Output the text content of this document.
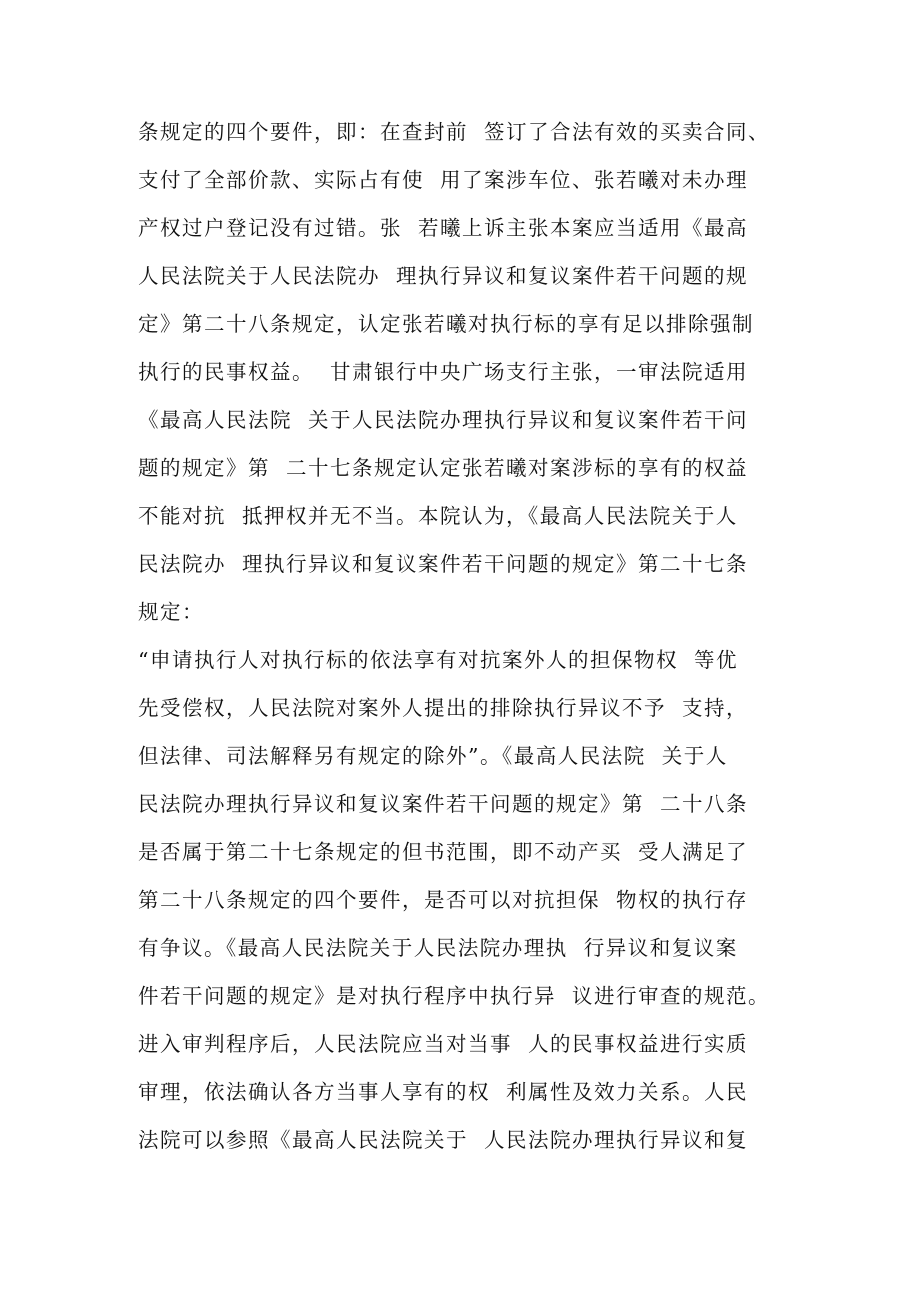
条规定的四个要件，即：在查封前  签订了合法有效的买卖合同、
支付了全部价款、实际占有使  用了案涉车位、张若曦对未办理
产权过户登记没有过错。张  若曦上诉主张本案应当适用《最高
人民法院关于人民法院办  理执行异议和复议案件若干问题的规
定》第二十八条规定，认定张若曦对执行标的享有足以排除强制
执行的民事权益。  甘肃银行中央广场支行主张，一审法院适用
《最高人民法院  关于人民法院办理执行异议和复议案件若干问
题的规定》第  二十七条规定认定张若曦对案涉标的享有的权益
不能对抗  抵押权并无不当。本院认为，《最高人民法院关于人
民法院办  理执行异议和复议案件若干问题的规定》第二十七条
规定：
“申请执行人对执行标的依法享有对抗案外人的担保物权  等优
先受偿权，人民法院对案外人提出的排除执行异议不予  支持，
但法律、司法解释另有规定的除外”。《最高人民法院  关于人
民法院办理执行异议和复议案件若干问题的规定》第  二十八条
是否属于第二十七条规定的但书范围，即不动产买  受人满足了
第二十八条规定的四个要件，是否可以对抗担保  物权的执行存
有争议。《最高人民法院关于人民法院办理执  行异议和复议案
件若干问题的规定》是对执行程序中执行异  议进行审查的规范。
进入审判程序后，人民法院应当对当事  人的民事权益进行实质
审理，依法确认各方当事人享有的权  利属性及效力关系。人民
法院可以参照《最高人民法院关于  人民法院办理执行异议和复
